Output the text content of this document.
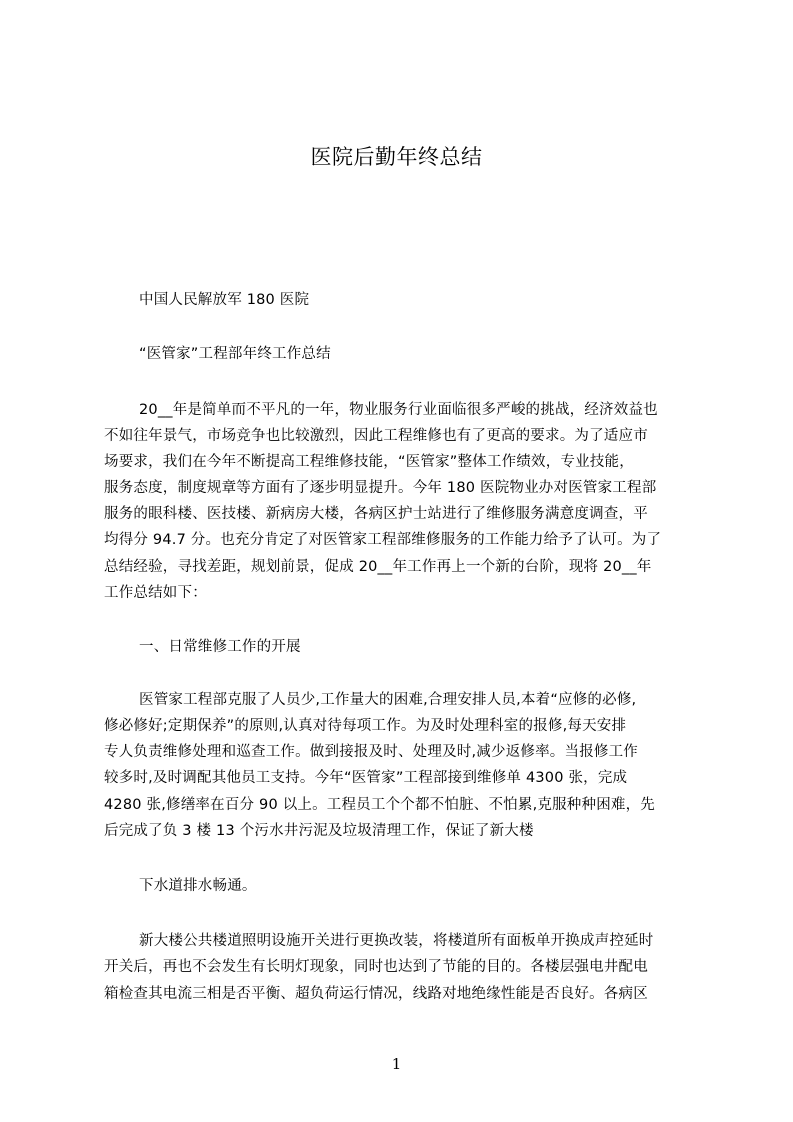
医院后勤年终总结
中国人民解放军 180 医院
“医管家”工程部年终工作总结
20__年是简单而不平凡的一年，物业服务行业面临很多严峻的挑战，经济效益也
不如往年景气，市场竞争也比较激烈，因此工程维修也有了更高的要求。为了适应市
场要求，我们在今年不断提高工程维修技能，“医管家”整体工作绩效，专业技能，
服务态度，制度规章等方面有了逐步明显提升。今年 180 医院物业办对医管家工程部
服务的眼科楼、医技楼、新病房大楼，各病区护士站进行了维修服务满意度调查，平
均得分 94.7 分。也充分肯定了对医管家工程部维修服务的工作能力给予了认可。为了
总结经验，寻找差距，规划前景，促成 20__年工作再上一个新的台阶，现将 20__年
工作总结如下：
一、日常维修工作的开展
医管家工程部克服了人员少,工作量大的困难,合理安排人员,本着“应修的必修,
修必修好;定期保养”的原则,认真对待每项工作。为及时处理科室的报修,每天安排
专人负责维修处理和巡查工作。做到接报及时、处理及时,减少返修率。当报修工作
较多时,及时调配其他员工支持。今年“医管家”工程部接到维修单 4300 张，完成
4280 张,修缮率在百分 90 以上。工程员工个个都不怕脏、不怕累,克服种种困难，先
后完成了负 3 楼 13 个污水井污泥及垃圾清理工作，保证了新大楼
下水道排水畅通。
新大楼公共楼道照明设施开关进行更换改装，将楼道所有面板单开换成声控延时
开关后，再也不会发生有长明灯现象，同时也达到了节能的目的。各楼层强电井配电
箱检查其电流三相是否平衡、超负荷运行情况，线路对地绝缘性能是否良好。各病区
1
